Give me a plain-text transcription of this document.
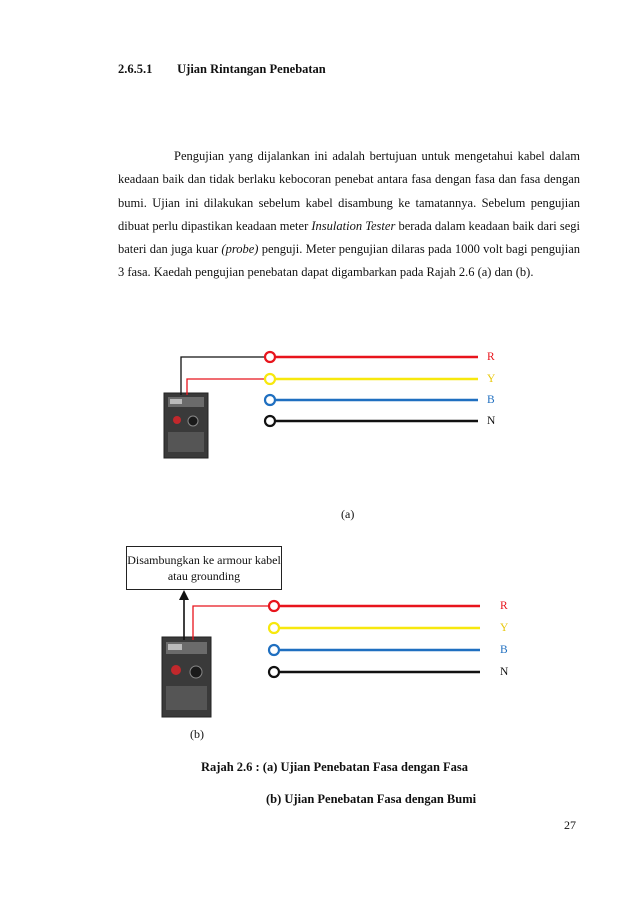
2.6.5.1 Ujian Rintangan Penebatan
Pengujian yang dijalankan ini adalah bertujuan untuk mengetahui kabel dalam keadaan baik dan tidak berlaku kebocoran penebat antara fasa dengan fasa dan fasa dengan bumi. Ujian ini dilakukan sebelum kabel disambung ke tamatannya. Sebelum pengujian dibuat perlu dipastikan keadaan meter Insulation Tester berada dalam keadaan baik dari segi bateri dan juga kuar (probe) penguji. Meter pengujian dilaras pada 1000 volt bagi pengujian 3 fasa. Kaedah pengujian penebatan dapat digambarkan pada Rajah 2.6 (a) dan (b).
R
Y
B
N
R
Y
B
N
(a)
Disambungkan ke armour kabel atau grounding
(b)
Rajah 2.6 : (a) Ujian Penebatan Fasa dengan Fasa
(b) Ujian Penebatan Fasa dengan Bumi
27
